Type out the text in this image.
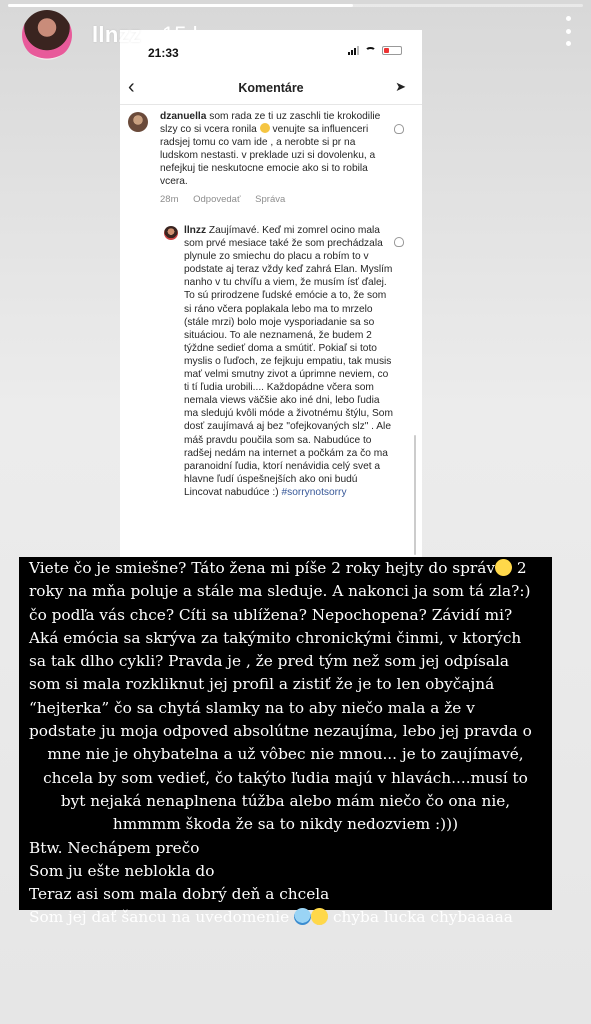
21:33
‹	Komentáre	➤
dzanuella som rada ze ti uz zaschli tie krokodilie slzy co si vcera ronila venujte sa influenceri radsjej tomu co vam ide , a nerobte si pr na ludskom nestasti. v preklade uzi si dovolenku, a nefejkuj tie neskutocne emocie ako si to robila vcera.
28m Odpovedať Správa
llnzz Zaujímavé. Keď mi zomrel ocino mala som prvé mesiace také že som prechádzala plynule zo smiechu do placu a robím to v podstate aj teraz vždy keď zahrá Elan. Myslím nanho v tu chvíľu a viem, že musím ísť ďalej. To sú prirodzene ľudské emócie a to, že som si ráno včera poplakala lebo ma to mrzelo (stále mrzi) bolo moje vysporiadanie sa so situáciou. To ale neznamená, že budem 2 týždne sedieť doma a smútiť. Pokiaľ si toto myslis o ľuďoch, ze fejkuju empatiu, tak musis mať velmi smutny zivot a úprimne neviem, co ti tí ľudia urobili.... Každopádne včera som nemala views väčšie ako iné dni, lebo ľudia ma sledujú kvôli móde a životnému štýlu, Som dosť zaujímavá aj bez "ofejkovaných slz" . Ale máš pravdu poučila som sa. Nabudúce to radšej nedám na internet a počkám za čo ma paranoidní ľudia, ktorí nenávidia celý svet a hlavne ľudí úspešnejších ako oni budú Lincovat nabudúce :) #sorrynotsorry
llnzz 15 h
Viete čo je smiešne? Táto žena mi píše 2 roky hejty do správ 2
roky na mňa poluje a stále ma sleduje. A nakonci ja som tá zla?:)
čo podľa vás chce? Cíti sa ublížena? Nepochopena? Závidí mi?
Aká emócia sa skrýva za takýmito chronickými činmi, v ktorých
sa tak dlho cykli? Pravda je , že pred tým než som jej odpísala
som si mala rozkliknut jej profil a zistiť že je to len obyčajná
“hejterka” čo sa chytá slamky na to aby niečo mala a že v
podstate ju moja odpoved absolútne nezaujíma, lebo jej pravda o
mne nie je ohybatelna a už vôbec nie mnou... je to zaujímavé,
chcela by som vedieť, čo takýto ľudia majú v hlavách....musí to
byt nejaká nenaplnena túžba alebo mám niečo čo ona nie,
hmmmm škoda že sa to nikdy nedozviem :)))
Btw. Nechápem prečo
Som ju ešte neblokla do
Teraz asi som mala dobrý deň a chcela
Som jej dať šancu na uvedomenie	chyba lucka chybaaaaa
